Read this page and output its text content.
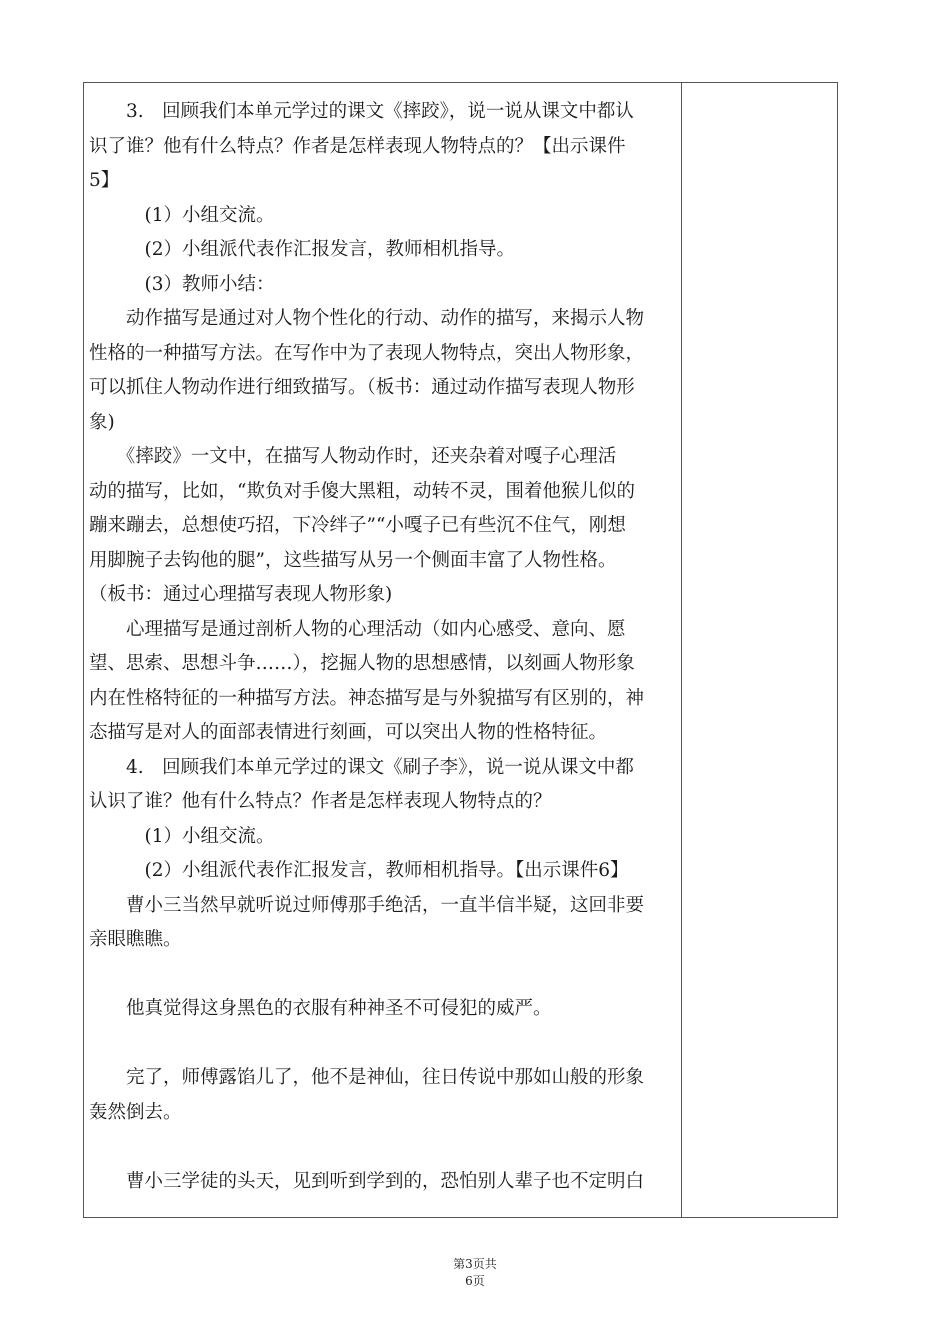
　　3.　回顾我们本单元学过的课文《摔跤》，说一说从课文中都认
识了谁？他有什么特点？作者是怎样表现人物特点的？【出示课件
5】
　　　(1）小组交流。
　　　(2）小组派代表作汇报发言，教师相机指导。
　　　(3）教师小结：
　　动作描写是通过对人物个性化的行动、动作的描写，来揭示人物
性格的一种描写方法。在写作中为了表现人物特点，突出人物形象，
可以抓住人物动作进行细致描写。（板书：通过动作描写表现人物形
象)
　　《摔跤》一文中，在描写人物动作时，还夹杂着对嘎子心理活
动的描写，比如，“欺负对手傻大黑粗，动转不灵，围着他猴儿似的
蹦来蹦去，总想使巧招，下冷绊子”“小嘎子已有些沉不住气，刚想
用脚腕子去钩他的腿”，这些描写从另一个侧面丰富了人物性格。
（板书：通过心理描写表现人物形象)
　　心理描写是通过剖析人物的心理活动（如内心感受、意向、愿
望、思索、思想斗争……），挖掘人物的思想感情，以刻画人物形象
内在性格特征的一种描写方法。神态描写是与外貌描写有区别的，神
态描写是对人的面部表情进行刻画，可以突出人物的性格特征。
　　4.　回顾我们本单元学过的课文《刷子李》，说一说从课文中都
认识了谁？他有什么特点？作者是怎样表现人物特点的？
　　　(1）小组交流。
　　　(2）小组派代表作汇报发言，教师相机指导。【出示课件6】
　　曹小三当然早就听说过师傅那手绝活，一直半信半疑，这回非要
亲眼瞧瞧。
　　他真觉得这身黑色的衣服有种神圣不可侵犯的威严。
　　完了，师傅露馅儿了，他不是神仙，往日传说中那如山般的形象
轰然倒去。
　　曹小三学徒的头天，见到听到学到的，恐怕别人辈子也不定明白
第3页共
6页
